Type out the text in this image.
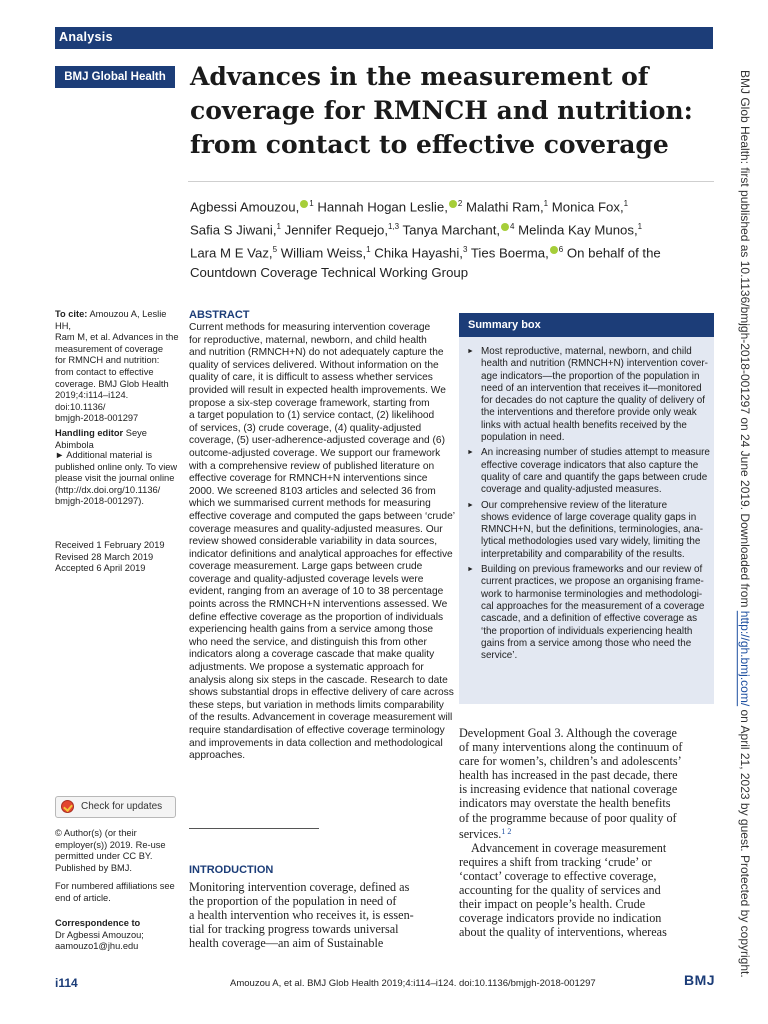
Analysis
BMJ Global Health Advances in the measurement of
coverage for RMNCH and nutrition:
from contact to effective coverage
Agbessi Amouzou, $^1$ Hannah Hogan Leslie, $^2$ Malathi Ram,$^1$ Monica Fox,$^1$
Safia S Jiwani,$^1$ Jennifer Requejo,$^{1,3}$ Tanya Marchant, $^4$ Melinda Kay Munos,$^1$
Lara M E Vaz,$^5$ William Weiss,$^1$ Chika Hayashi,$^3$ Ties Boerma, $^6$ On behalf of the
Countdown Coverage Technical Working Group
To cite: Amouzou A, Leslie HH,
Ram M, et al. Advances in the
measurement of coverage
for RMNCH and nutrition:
from contact to effective
coverage. BMJ Glob Health
2019;4:i114–i124. doi:10.1136/
bmjgh-2018-001297
Handling editor Seye Abimbola
► Additional material is
published online only. To view
please visit the journal online
(http://dx.doi.org/10.1136/
bmjgh-2018-001297).
Received 1 February 2019
Revised 28 March 2019
Accepted 6 April 2019
Check for updates
© Author(s) (or their
employer(s)) 2019. Re-use
permitted under CC BY.
Published by BMJ.
For numbered affiliations see
end of article.
Correspondence to
Dr Agbessi Amouzou;
aamouzo1@jhu.edu
ABSTRACT
Current methods for measuring intervention coverage
for reproductive, maternal, newborn, and child health
and nutrition (RMNCH+N) do not adequately capture the
quality of services delivered. Without information on the
quality of care, it is difficult to assess whether services
provided will result in expected health improvements. We
propose a six-step coverage framework, starting from
a target population to (1) service contact, (2) likelihood
of services, (3) crude coverage, (4) quality-adjusted
coverage, (5) user-adherence-adjusted coverage and (6)
outcome-adjusted coverage. We support our framework
with a comprehensive review of published literature on
effective coverage for RMNCH+N interventions since
2000. We screened 8103 articles and selected 36 from
which we summarised current methods for measuring
effective coverage and computed the gaps between ‘crude’
coverage measures and quality-adjusted measures. Our
review showed considerable variability in data sources,
indicator definitions and analytical approaches for effective
coverage measurement. Large gaps between crude
coverage and quality-adjusted coverage levels were
evident, ranging from an average of 10 to 38 percentage
points across the RMNCH+N interventions assessed. We
define effective coverage as the proportion of individuals
experiencing health gains from a service among those
who need the service, and distinguish this from other
indicators along a coverage cascade that make quality
adjustments. We propose a systematic approach for
analysis along six steps in the cascade. Research to date
shows substantial drops in effective delivery of care across
these steps, but variation in methods limits comparability
of the results. Advancement in coverage measurement will
require standardisation of effective coverage terminology
and improvements in data collection and methodological
approaches.
INTRODUCTION
Monitoring intervention coverage, defined as
the proportion of the population in need of
a health intervention who receives it, is essen-
tial for tracking progress towards universal
health coverage—an aim of Sustainable
Summary box
► Most reproductive, maternal, newborn, and child
health and nutrition (RMNCH+N) intervention cover-
age indicators—the proportion of the population in
need of an intervention that receives it—monitored
for decades do not capture the quality of delivery of
the interventions and therefore provide only weak
links with actual health benefits received by the
population in need.
► An increasing number of studies attempt to measure
effective coverage indicators that also capture the
quality of care and quantify the gaps between crude
coverage and quality-adjusted measures.
► Our comprehensive review of the literature
shows evidence of large coverage quality gaps in
RMNCH+N, but the definitions, terminologies, ana-
lytical methodologies used vary widely, limiting the
interpretability and comparability of the results.
► Building on previous frameworks and our review of
current practices, we propose an organising frame-
work to harmonise terminologies and methodologi-
cal approaches for the measurement of a coverage
cascade, and a definition of effective coverage as
‘the proportion of individuals experiencing health
gains from a service among those who need the
service’.
Development Goal 3. Although the coverage
of many interventions along the continuum of
care for women’s, children’s and adolescents’
health has increased in the past decade, there
is increasing evidence that national coverage
indicators may overstate the health benefits
of the programme because of poor quality of
services.$^{1 2}$
Advancement in coverage measurement
requires a shift from tracking ‘crude’ or
‘contact’ coverage to effective coverage,
accounting for the quality of services and
their impact on people’s health. Crude
coverage indicators provide no indication
about the quality of interventions, whereas
BMJ Glob Health: first published as 10.1136/bmjgh-2018-001297 on 24 June 2019. Downloaded from http://gh.bmj.com/ on April 21, 2023 by guest. Protected by copyright.
i114	Amouzou A, et al. BMJ Glob Health 2019;4:i114–i124. doi:10.1136/bmjgh-2018-001297	BMJ
